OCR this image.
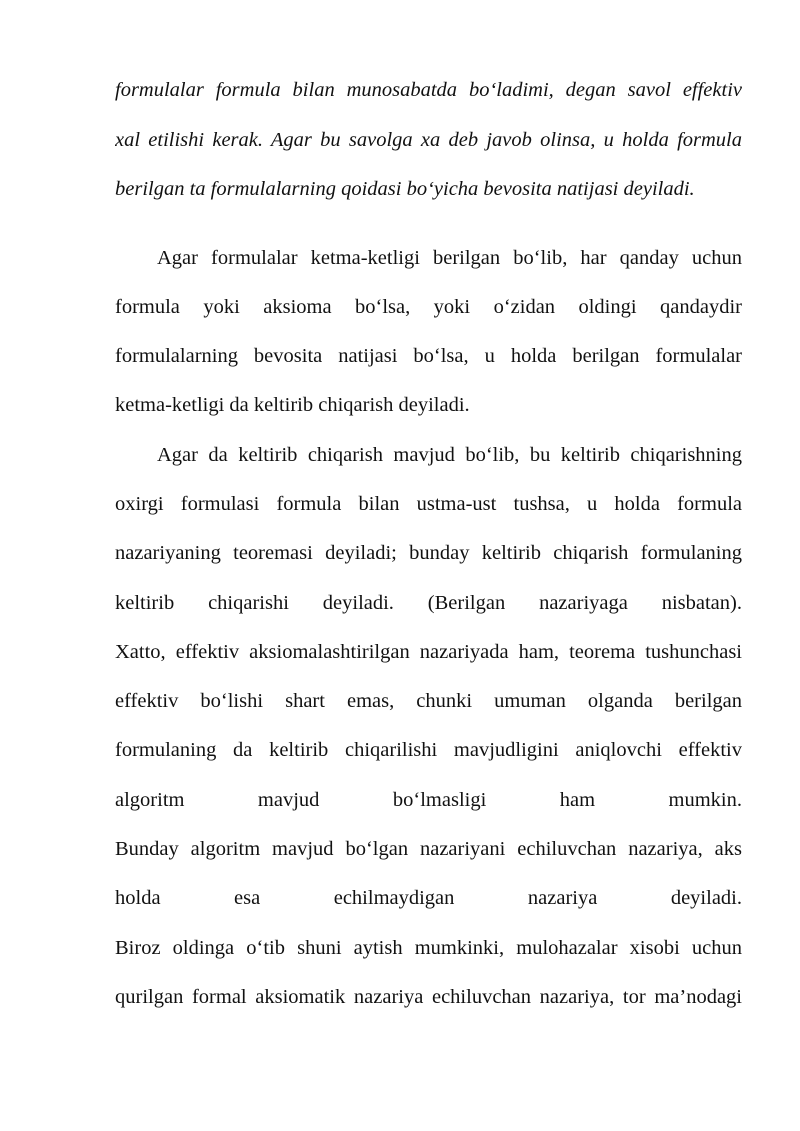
formulalar formula bilan munosabatda bo‘ladimi, degan savol effektiv
xal etilishi kerak. Agar bu savolga xa deb javob olinsa, u holda formula
berilgan ta formulalarning qoidasi bo‘yicha bevosita natijasi deyiladi.
Agar formulalar ketma-ketligi berilgan bo‘lib, har qanday uchun
formula yoki aksioma bo‘lsa, yoki o‘zidan oldingi qandaydir
formulalarning bevosita natijasi bo‘lsa, u holda berilgan formulalar
ketma-ketligi da keltirib chiqarish deyiladi.
Agar da keltirib chiqarish mavjud bo‘lib, bu keltirib chiqarishning
oxirgi formulasi formula bilan ustma-ust tushsa, u holda formula
nazariyaning teoremasi deyiladi; bunday keltirib chiqarish formulaning
keltirib chiqarishi deyiladi. (Berilgan nazariyaga nisbatan).
Xatto, effektiv aksiomalashtirilgan nazariyada ham, teorema tushunchasi
effektiv bo‘lishi shart emas, chunki umuman olganda berilgan
formulaning da keltirib chiqarilishi mavjudligini aniqlovchi effektiv
algoritm mavjud bo‘lmasligi ham mumkin.
Bunday algoritm mavjud bo‘lgan nazariyani echiluvchan nazariya, aks
holda esa echilmaydigan nazariya deyiladi.
Biroz oldinga o‘tib shuni aytish mumkinki, mulohazalar xisobi uchun
qurilgan formal aksiomatik nazariya echiluvchan nazariya, tor ma’nodagi
